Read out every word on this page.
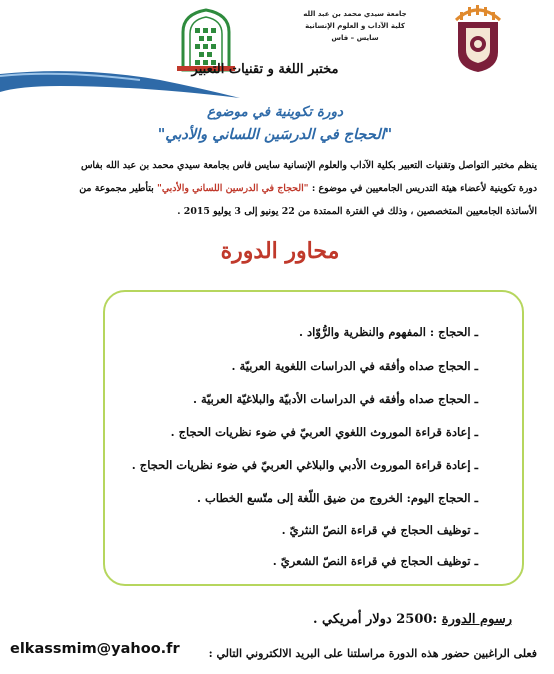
جامعة سيدي محمد بن عبد الله
كلية الآداب و العلوم الإنسانية
سايس – فاس
مختبر اللغة و تقنيات التعبير
دورة تكوينية في موضوع
"الحجاج في الدرسَين اللساني والأدبي"
ينظم مختبر التواصل وتقنيات التعبير بكلية الآداب والعلوم الإنسانية سايس فاس بجامعة سيدي محمد بن عبد الله بفاس
دورة تكوينية لأعضاء هيئة التدريس الجامعيين في موضوع : "الحجاج في الدرسين اللساني والأدبي" بتأطير مجموعة من
الأساتذة الجامعيين المتخصصين ، وذلك في الفترة الممتدة من 22 يونيو إلى 3 يوليو 2015 .
محاور الدورة
ـ الحجاج : المفهوم والنظرية والرُّوّاد .
ـ الحجاج صداه وأفقه في الدراسات اللغوية العربيّة .
ـ الحجاج صداه وأفقه في الدراسات الأدبيّة والبلاغيّة العربيّة .
ـ إعادة قراءة الموروث اللغوي العربيّ في ضوء نظريات الحجاج .
ـ إعادة قراءة الموروث الأدبي والبلاغي العربيّ في ضوء نظريات الحجاج .
ـ الحجاج اليوم: الخروج من ضيق اللّغة إلى متّسع الخطاب .
ـ توظيف الحجاج في قراءة النصّ النثريّ .
ـ توظيف الحجاج في قراءة النصّ الشعريّ .
رسوم الدورة :2500 دولار أمريكي .
فعلى الراغبين حضور هذه الدورة مراسلتنا على البريد الالكتروني التالي :
elkassmim@yahoo.fr
